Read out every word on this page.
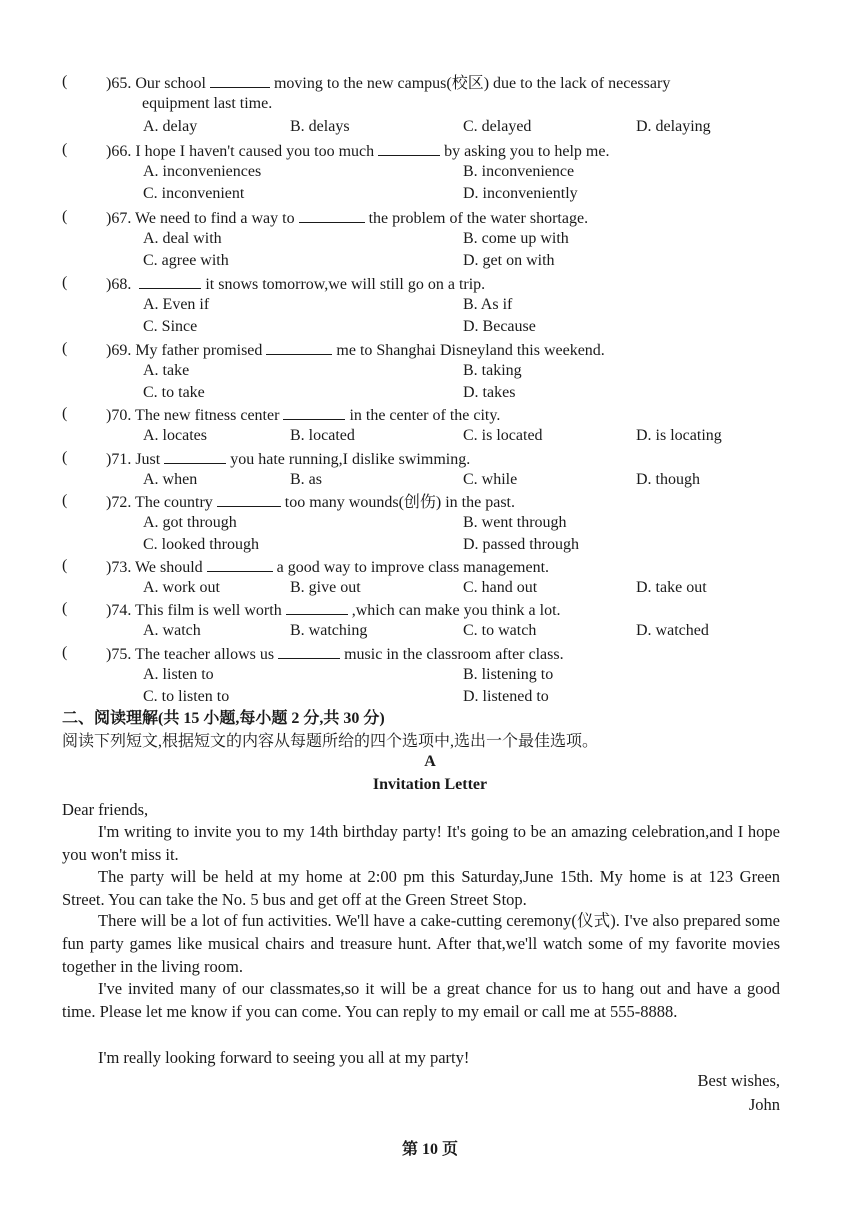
( )65. Our school	moving to the new campus(校区) due to the lack of necessary
equipment last time.
A. delay	B. delays	C. delayed	D. delaying
( )66. I hope I haven't caused you too much	by asking you to help me.
A. inconveniences	B. inconvenience
C. inconvenient	D. inconveniently
( )67. We need to find a way to	the problem of the water shortage.
A. deal with	B. come up with
C. agree with	D. get on with
( )68.	it snows tomorrow,we will still go on a trip.
A. Even if	B. As if
C. Since	D. Because
( )69. My father promised	me to Shanghai Disneyland this weekend.
A. take	B. taking
C. to take	D. takes
( )70. The new fitness center	in the center of the city.
A. locates	B. located	C. is located	D. is locating
( )71. Just	you hate running,I dislike swimming.
A. when	B. as	C. while	D. though
( )72. The country	too many wounds(创伤) in the past.
A. got through	B. went through
C. looked through	D. passed through
( )73. We should	a good way to improve class management.
A. work out	B. give out	C. hand out	D. take out
( )74. This film is well worth	,which can make you think a lot.
A. watch	B. watching	C. to watch	D. watched
( )75. The teacher allows us	music in the classroom after class.
A. listen to	B. listening to
C. to listen to	D. listened to
二、阅读理解(共 15 小题,每小题 2 分,共 30 分)
阅读下列短文,根据短文的内容从每题所给的四个选项中,选出一个最佳选项。
A
Invitation Letter
Dear friends,
I'm writing to invite you to my 14th birthday party! It's going to be an amazing celebration,and I hope you won't miss it.
The party will be held at my home at 2:00 pm this Saturday,June 15th. My home is at 123 Green Street. You can take the No. 5 bus and get off at the Green Street Stop.
There will be a lot of fun activities. We'll have a cake-cutting ceremony(仪式). I've also prepared some fun party games like musical chairs and treasure hunt. After that,we'll watch some of my favorite movies together in the living room.
I've invited many of our classmates,so it will be a great chance for us to hang out and have a good time. Please let me know if you can come. You can reply to my email or call me at 555-8888.
I'm really looking forward to seeing you all at my party!
Best wishes,
John
第 10 页
